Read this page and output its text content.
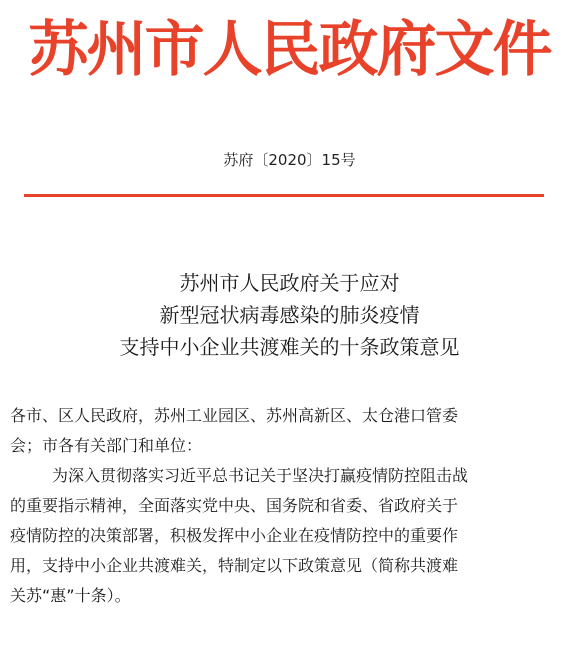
苏州市人民政府文件
苏府〔2020〕15号
苏州市人民政府关于应对
新型冠状病毒感染的肺炎疫情
支持中小企业共渡难关的十条政策意见
各市、区人民政府，苏州工业园区、苏州高新区、太仓港口管委
会；市各有关部门和单位：
为深入贯彻落实习近平总书记关于坚决打赢疫情防控阻击战
的重要指示精神，全面落实党中央、国务院和省委、省政府关于
疫情防控的决策部署，积极发挥中小企业在疫情防控中的重要作
用，支持中小企业共渡难关，特制定以下政策意见（简称共渡难
关苏“惠”十条）。
